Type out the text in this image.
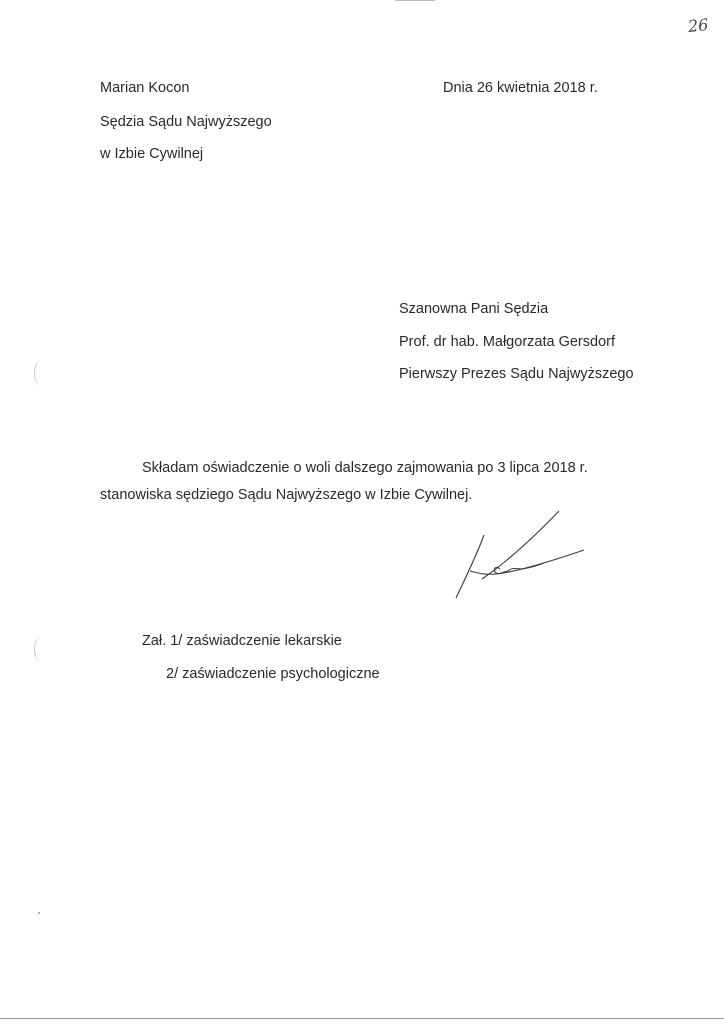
26
Marian Kocon
Sędzia Sądu Najwyższego
w Izbie Cywilnej
Dnia 26 kwietnia 2018 r.
Szanowna Pani Sędzia
Prof. dr hab. Małgorzata Gersdorf
Pierwszy Prezes Sądu Najwyższego
Składam oświadczenie o woli dalszego zajmowania po 3 lipca 2018 r.
stanowiska sędziego Sądu Najwyższego w Izbie Cywilnej.
Zał. 1/ zaświadczenie lekarskie
2/ zaświadczenie psychologiczne
